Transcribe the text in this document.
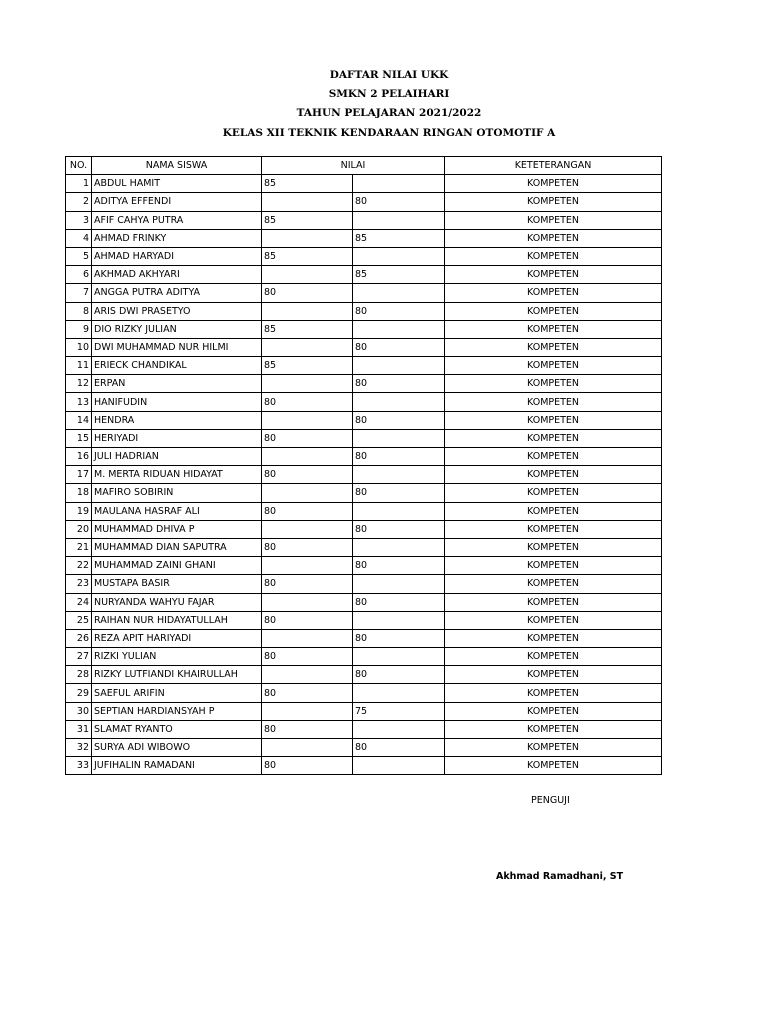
DAFTAR NILAI UKK
SMKN 2 PELAIHARI
TAHUN PELAJARAN 2021/2022
KELAS XII TEKNIK KENDARAAN RINGAN OTOMOTIF A
NO.	NAMA SISWA	NILAI		KETETERANGAN
1	ABDUL HAMIT	85		KOMPETEN
2	ADITYA EFFENDI		80	KOMPETEN
3	AFIF CAHYA PUTRA	85		KOMPETEN
4	AHMAD FRINKY		85	KOMPETEN
5	AHMAD HARYADI	85		KOMPETEN
6	AKHMAD AKHYARI		85	KOMPETEN
7	ANGGA PUTRA ADITYA	80		KOMPETEN
8	ARIS DWI PRASETYO		80	KOMPETEN
9	DIO RIZKY JULIAN	85		KOMPETEN
10	DWI MUHAMMAD NUR HILMI		80	KOMPETEN
11	ERIECK CHANDIKAL	85		KOMPETEN
12	ERPAN		80	KOMPETEN
13	HANIFUDIN	80		KOMPETEN
14	HENDRA		80	KOMPETEN
15	HERIYADI	80		KOMPETEN
16	JULI HADRIAN		80	KOMPETEN
17	M. MERTA RIDUAN HIDAYAT	80		KOMPETEN
18	MAFIRO SOBIRIN		80	KOMPETEN
19	MAULANA HASRAF ALI	80		KOMPETEN
20	MUHAMMAD DHIVA P		80	KOMPETEN
21	MUHAMMAD DIAN SAPUTRA	80		KOMPETEN
22	MUHAMMAD ZAINI GHANI		80	KOMPETEN
23	MUSTAPA BASIR	80		KOMPETEN
24	NURYANDA WAHYU FAJAR		80	KOMPETEN
25	RAIHAN NUR HIDAYATULLAH	80		KOMPETEN
26	REZA APIT HARIYADI		80	KOMPETEN
27	RIZKI YULIAN	80		KOMPETEN
28	RIZKY LUTFIANDI KHAIRULLAH		80	KOMPETEN
29	SAEFUL ARIFIN	80		KOMPETEN
30	SEPTIAN HARDIANSYAH P		75	KOMPETEN
31	SLAMAT RYANTO	80		KOMPETEN
32	SURYA ADI WIBOWO		80	KOMPETEN
33	JUFIHALIN RAMADANI	80		KOMPETEN
PENGUJI
Akhmad Ramadhani, ST
